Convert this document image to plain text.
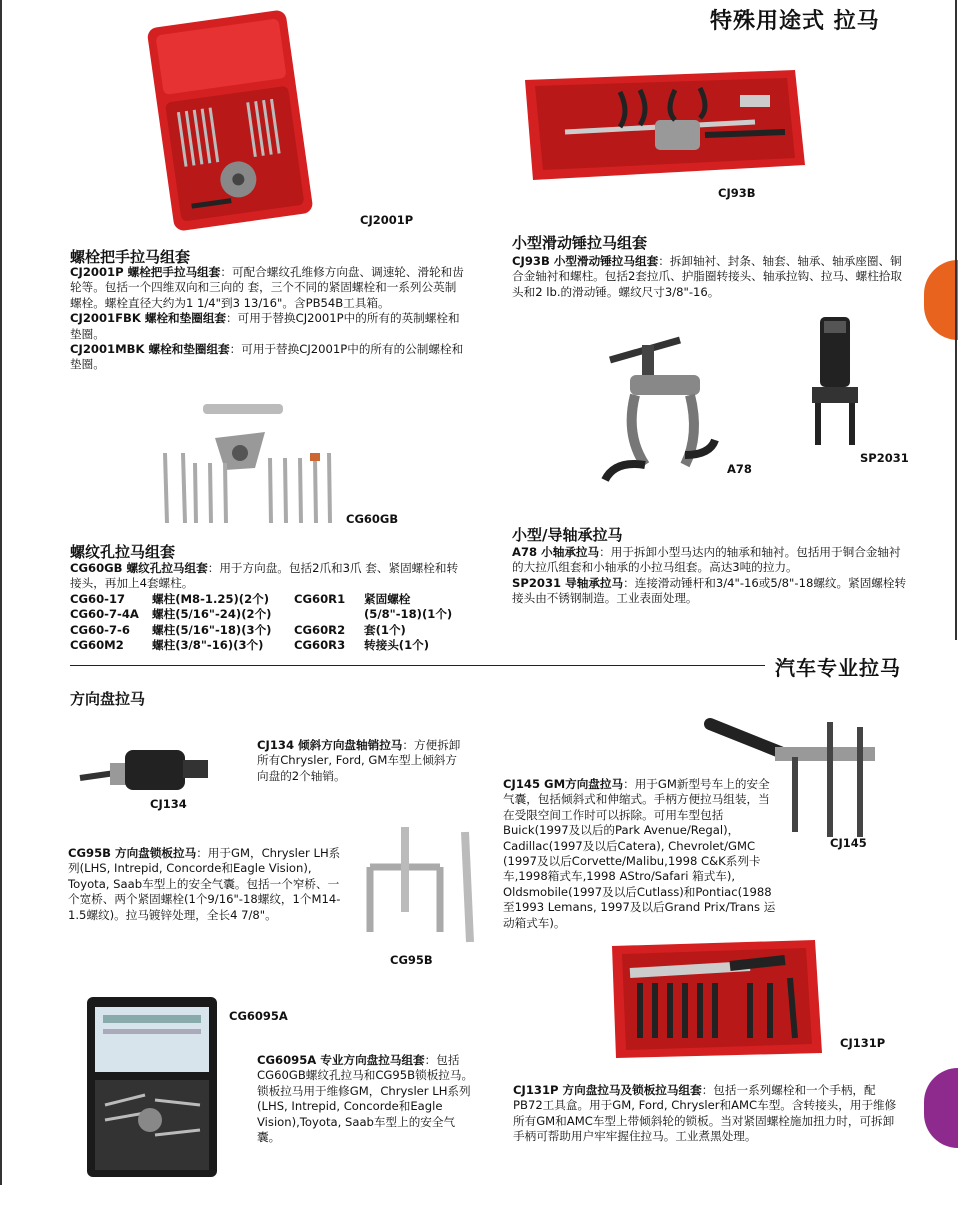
特殊用途式 拉马
CJ2001P
CJ93B
螺栓把手拉马组套
CJ2001P 螺栓把手拉马组套：可配合螺纹孔维修方向盘、调速轮、滑轮和齿轮等。包括一个四维双向和三向的 套，三个不同的紧固螺栓和一系列公英制螺栓。螺栓直径大约为1 1/4"到3 13/16"。含PB54B工具箱。
CJ2001FBK 螺栓和垫圈组套：可用于替换CJ2001P中的所有的英制螺栓和垫圈。
CJ2001MBK 螺栓和垫圈组套：可用于替换CJ2001P中的所有的公制螺栓和垫圈。
小型滑动锤拉马组套
CJ93B 小型滑动锤拉马组套：拆卸轴衬、封条、轴套、轴承、轴承座圈、铜合金轴衬和螺柱。包括2套拉爪、护脂圈转接头、轴承拉钩、拉马、螺柱拾取头和2 lb.的滑动锤。螺纹尺寸3/8"-16。
CG60GB
A78
SP2031
螺纹孔拉马组套
CG60GB 螺纹孔拉马组套：用于方向盘。包括2爪和3爪 套、紧固螺栓和转接头，再加上4套螺柱。
CG60-17	螺柱(M8-1.25)(2个)	CG60R1	紧固螺栓
CG60-7-4A	螺柱(5/16"-24)(2个)		(5/8"-18)(1个)
CG60-7-6	螺柱(5/16"-18)(3个)	CG60R2	套(1个)
CG60M2	螺柱(3/8"-16)(3个)	CG60R3	转接头(1个)
小型/导轴承拉马
A78 小轴承拉马：用于拆卸小型马达内的轴承和轴衬。包括用于铜合金轴衬的大拉爪组套和小轴承的小拉马组套。高达3吨的拉力。
SP2031 导轴承拉马：连接滑动锤杆和3/4"-16或5/8"-18螺纹。紧固螺栓转接头由不锈钢制造。工业表面处理。
汽车专业拉马
方向盘拉马
CJ134
CJ134 倾斜方向盘轴销拉马：方便拆卸所有Chrysler, Ford, GM车型上倾斜方向盘的2个轴销。
CJ145
CJ145 GM方向盘拉马：用于GM新型号车上的安全气囊，包括倾斜式和伸缩式。手柄方便拉马组装，当在受限空间工作时可以拆除。可用车型包括Buick(1997及以后的Park Avenue/Regal)，Cadillac(1997及以后Catera), Chevrolet/GMC (1997及以后Corvette/Malibu,1998 C&K系列卡车,1998箱式车,1998 AStro/Safari 箱式车), Oldsmobile(1997及以后Cutlass)和Pontiac(1988至1993 Lemans, 1997及以后Grand Prix/Trans 运动箱式车)。
CG95B 方向盘锁板拉马：用于GM，Chrysler LH系列(LHS, Intrepid, Concorde和Eagle Vision), Toyota, Saab车型上的安全气囊。包括一个窄桥、一个宽桥、两个紧固螺栓(1个9/16"-18螺纹，1个M14-1.5螺纹)。拉马镀锌处理，全长4 7/8"。
CG95B
CG6095A
CG6095A 专业方向盘拉马组套：包括CG60GB螺纹孔拉马和CG95B锁板拉马。锁板拉马用于维修GM，Chrysler LH系列(LHS, Intrepid, Concorde和Eagle Vision),Toyota, Saab车型上的安全气囊。
CJ131P
CJ131P 方向盘拉马及锁板拉马组套：包括一系列螺栓和一个手柄，配PB72工具盒。用于GM, Ford, Chrysler和AMC车型。含转接头，用于维修所有GM和AMC车型上带倾斜轮的锁板。当对紧固螺栓施加扭力时，可拆卸手柄可帮助用户牢牢握住拉马。工业煮黑处理。
